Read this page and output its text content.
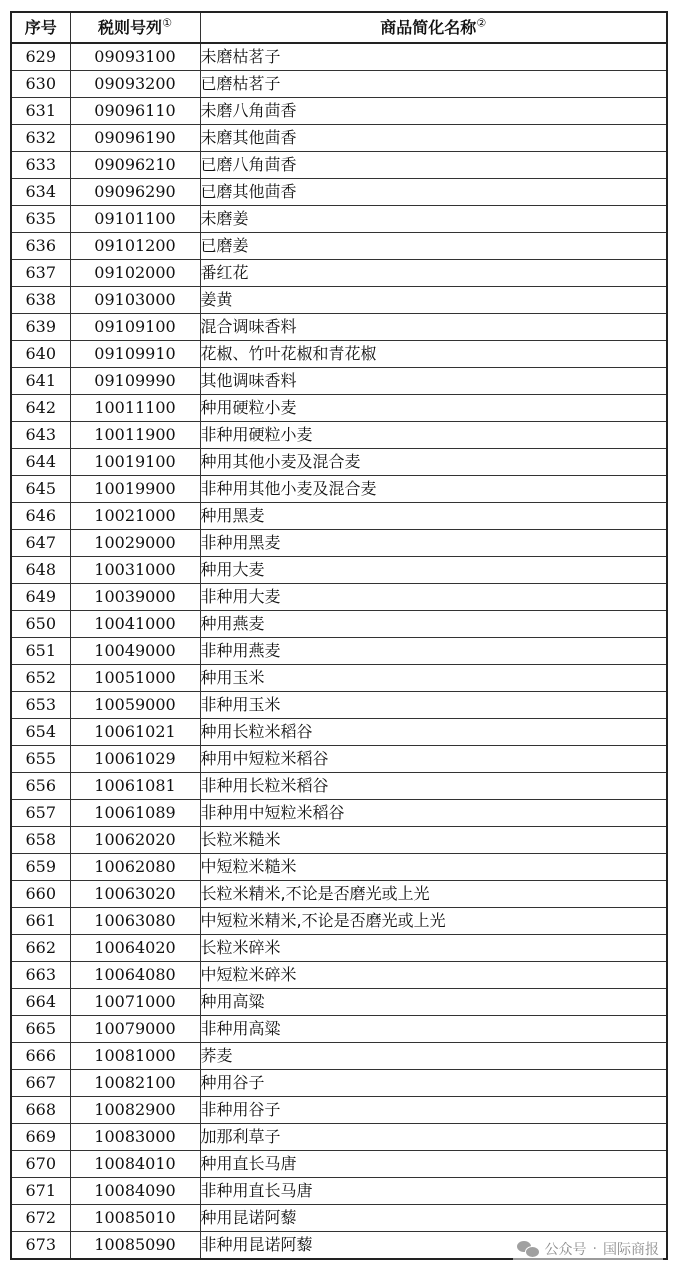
序号	税则号列①	商品简化名称②
629	09093100	未磨枯茗子
630	09093200	已磨枯茗子
631	09096110	未磨八角茴香
632	09096190	未磨其他茴香
633	09096210	已磨八角茴香
634	09096290	已磨其他茴香
635	09101100	未磨姜
636	09101200	已磨姜
637	09102000	番红花
638	09103000	姜黄
639	09109100	混合调味香料
640	09109910	花椒、竹叶花椒和青花椒
641	09109990	其他调味香料
642	10011100	种用硬粒小麦
643	10011900	非种用硬粒小麦
644	10019100	种用其他小麦及混合麦
645	10019900	非种用其他小麦及混合麦
646	10021000	种用黑麦
647	10029000	非种用黑麦
648	10031000	种用大麦
649	10039000	非种用大麦
650	10041000	种用燕麦
651	10049000	非种用燕麦
652	10051000	种用玉米
653	10059000	非种用玉米
654	10061021	种用长粒米稻谷
655	10061029	种用中短粒米稻谷
656	10061081	非种用长粒米稻谷
657	10061089	非种用中短粒米稻谷
658	10062020	长粒米糙米
659	10062080	中短粒米糙米
660	10063020	长粒米精米,不论是否磨光或上光
661	10063080	中短粒米精米,不论是否磨光或上光
662	10064020	长粒米碎米
663	10064080	中短粒米碎米
664	10071000	种用高粱
665	10079000	非种用高粱
666	10081000	荞麦
667	10082100	种用谷子
668	10082900	非种用谷子
669	10083000	加那利草子
670	10084010	种用直长马唐
671	10084090	非种用直长马唐
672	10085010	种用昆诺阿藜
673	10085090	非种用昆诺阿藜	公众号 · 国际商报
